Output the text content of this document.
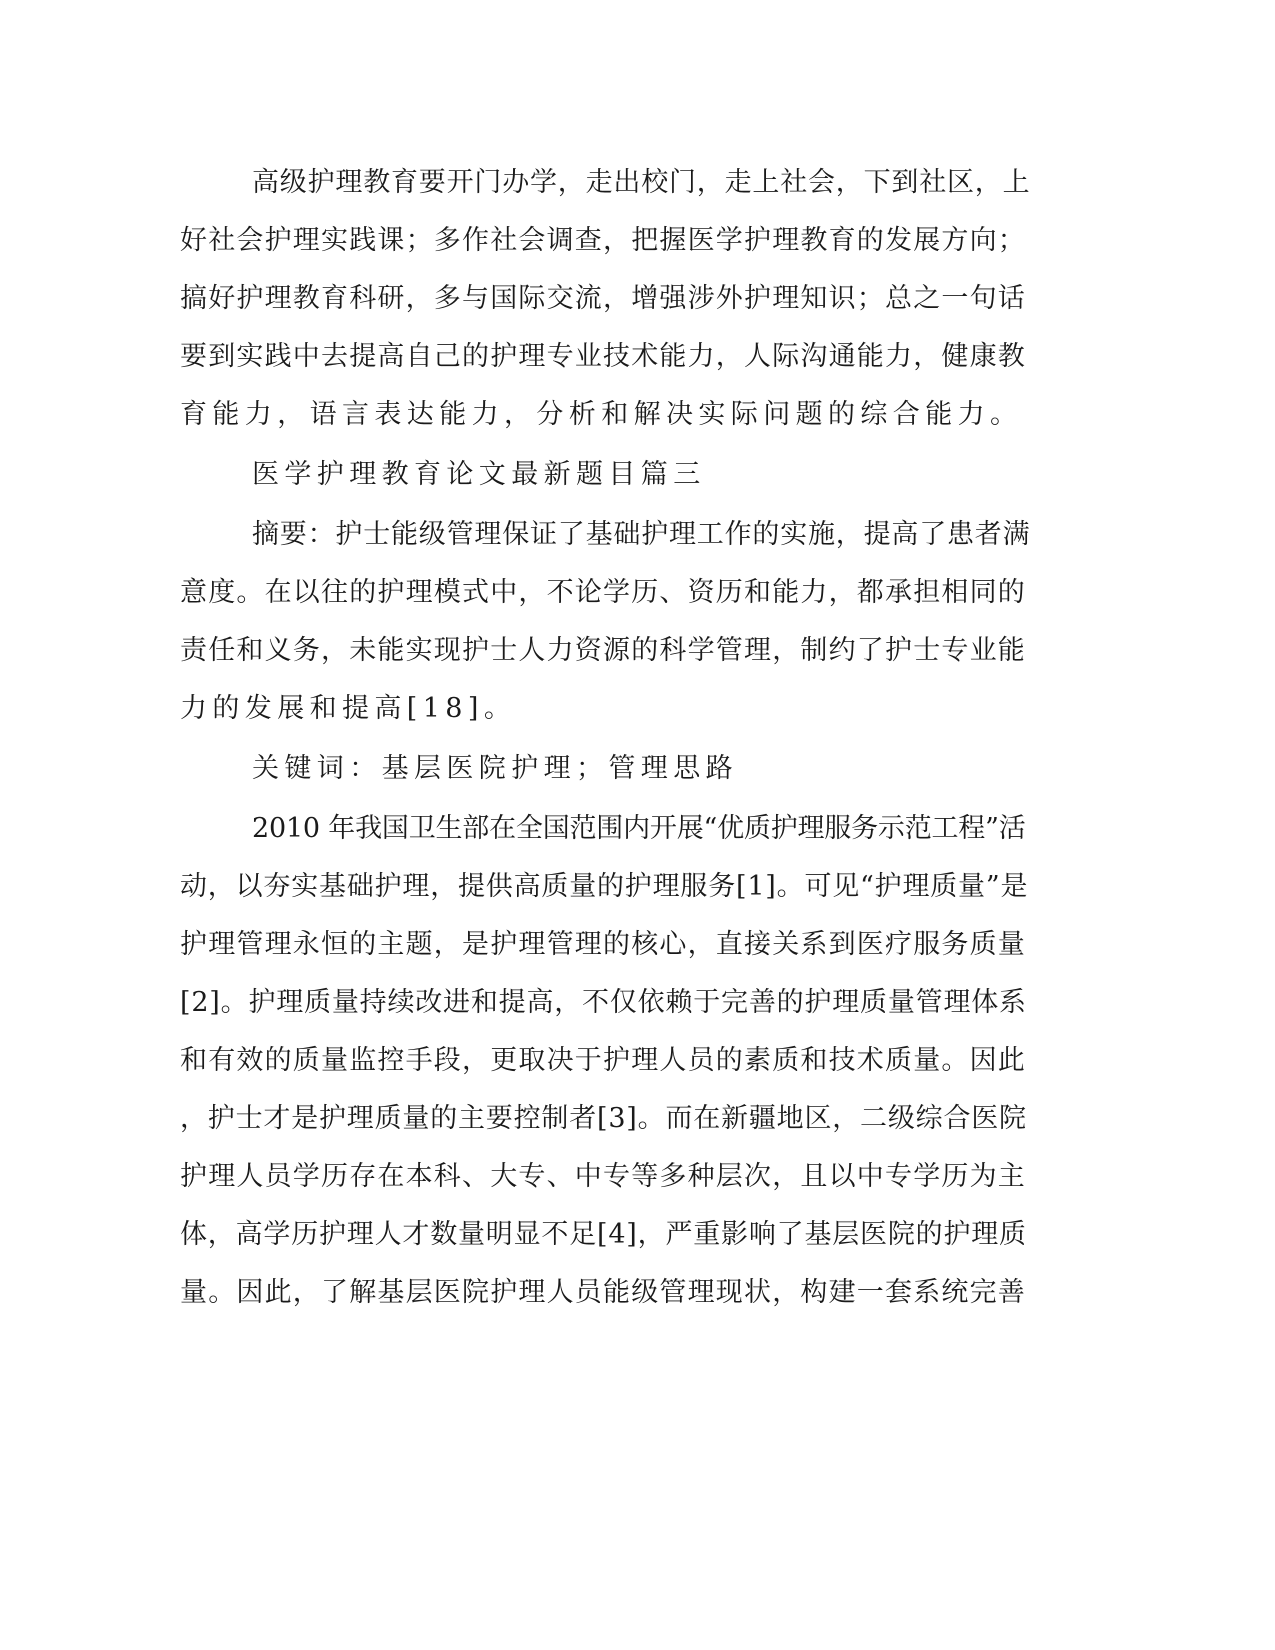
高级护理教育要开门办学，走出校门，走上社会，下到社区，上
好社会护理实践课；多作社会调查，把握医学护理教育的发展方向；
搞好护理教育科研，多与国际交流，增强涉外护理知识；总之一句话
要到实践中去提高自己的护理专业技术能力，人际沟通能力，健康教
育能力，语言表达能力，分析和解决实际问题的综合能力。
医学护理教育论文最新题目篇三
摘要：护士能级管理保证了基础护理工作的实施，提高了患者满
意度。在以往的护理模式中，不论学历、资历和能力，都承担相同的
责任和义务，未能实现护士人力资源的科学管理，制约了护士专业能
力的发展和提高[18]。
关键词：基层医院护理；管理思路
2010 年我国卫生部在全国范围内开展“优质护理服务示范工程”活
动，以夯实基础护理，提供高质量的护理服务[1]。可见“护理质量”是
护理管理永恒的主题，是护理管理的核心，直接关系到医疗服务质量
[2]。护理质量持续改进和提高，不仅依赖于完善的护理质量管理体系
和有效的质量监控手段，更取决于护理人员的素质和技术质量。因此
，护士才是护理质量的主要控制者[3]。而在新疆地区，二级综合医院
护理人员学历存在本科、大专、中专等多种层次，且以中专学历为主
体，高学历护理人才数量明显不足[4]，严重影响了基层医院的护理质
量。因此，了解基层医院护理人员能级管理现状，构建一套系统完善
